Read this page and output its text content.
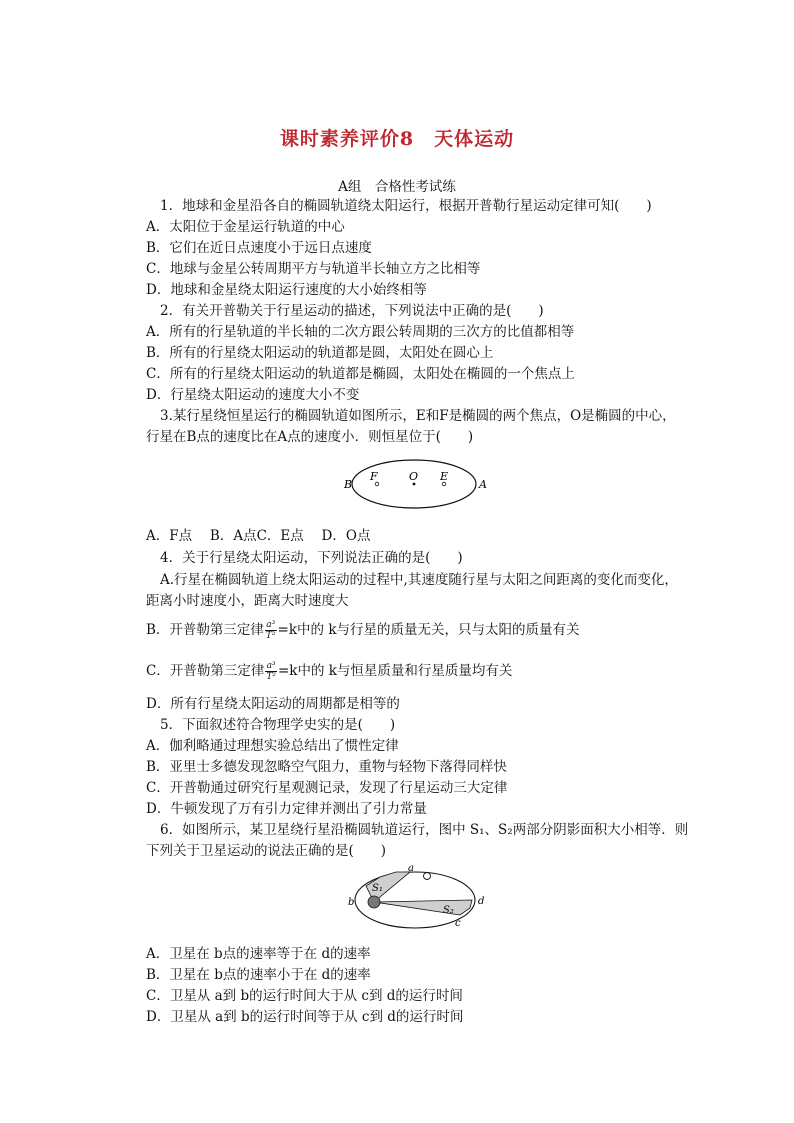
课时素养评价8　天体运动
A组　合格性考试练
1．地球和金星沿各自的椭圆轨道绕太阳运行，根据开普勒行星运动定律可知(　　)
A．太阳位于金星运行轨道的中心
B．它们在近日点速度小于远日点速度
C．地球与金星公转周期平方与轨道半长轴立方之比相等
D．地球和金星绕太阳运行速度的大小始终相等
2．有关开普勒关于行星运动的描述，下列说法中正确的是(　　)
A．所有的行星轨道的半长轴的二次方跟公转周期的三次方的比值都相等
B．所有的行星绕太阳运动的轨道都是圆，太阳处在圆心上
C．所有的行星绕太阳运动的轨道都是椭圆，太阳处在椭圆的一个焦点上
D．行星绕太阳运动的速度大小不变
3.某行星绕恒星运行的椭圆轨道如图所示，E和F是椭圆的两个焦点，O是椭圆的中心，
行星在B点的速度比在A点的速度小．则恒星位于(　　)
B
F	O E
A
A．F点　 B．A点C．E点　 D．O点
4．关于行星绕太阳运动，下列说法正确的是(　　)
A.行星在椭圆轨道上绕太阳运动的过程中,其速度随行星与太阳之间距离的变化而变化，
距离小时速度小，距离大时速度大
B．开普勒第三定律 $\frac{\text{a³}}{\text{T²}} =k$中的 k与行星的质量无关，只与太阳的质量有关
C．开普勒第三定律 $\frac{\text{a³}}{\text{T²}} =k$中的 k与恒星质量和行星质量均有关
D．所有行星绕太阳运动的周期都是相等的
5．下面叙述符合物理学史实的是(　　)
A．伽利略通过理想实验总结出了惯性定律
B．亚里士多德发现忽略空气阻力，重物与轻物下落得同样快
C．开普勒通过研究行星观测记录，发现了行星运动三大定律
D．牛顿发现了万有引力定律并测出了引力常量
6．如图所示，某卫星绕行星沿椭圆轨道运行，图中 S₁、S₂两部分阴影面积大小相等．则
下列关于卫星运动的说法正确的是(　　)
a
b
c
d
S₁
S₂
A．卫星在 b点的速率等于在 d的速率
B．卫星在 b点的速率小于在 d的速率
C．卫星从 a到 b的运行时间大于从 c到 d的运行时间
D．卫星从 a到 b的运行时间等于从 c到 d的运行时间
